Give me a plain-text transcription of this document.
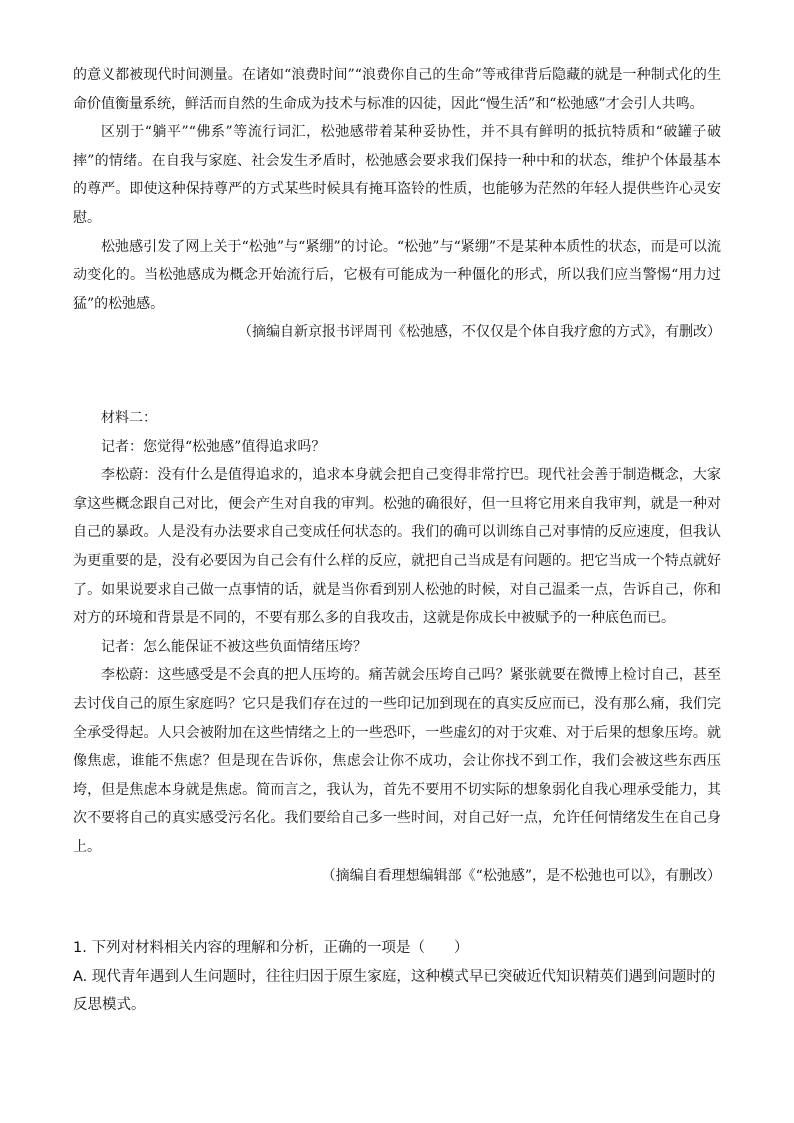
的意义都被现代时间测量。在诸如“浪费时间”“浪费你自己的生命”等戒律背后隐藏的就是一种制式化的生命价值衡量系统，鲜活而自然的生命成为技术与标准的囚徒，因此“慢生活”和“松弛感”才会引人共鸣。

区别于“躺平”“佛系”等流行词汇，松弛感带着某种妥协性，并不具有鲜明的抵抗特质和“破罐子破摔”的情绪。在自我与家庭、社会发生矛盾时，松弛感会要求我们保持一种中和的状态，维护个体最基本的尊严。即使这种保持尊严的方式某些时候具有掩耳盗铃的性质，也能够为茫然的年轻人提供些许心灵安慰。

松弛感引发了网上关于“松弛”与“紧绷”的讨论。“松弛”与“紧绷”不是某种本质性的状态，而是可以流动变化的。当松弛感成为概念开始流行后，它极有可能成为一种僵化的形式，所以我们应当警惕“用力过猛”的松弛感。

（摘编自新京报书评周刊《松弛感，不仅仅是个体自我疗愈的方式》，有删改）

材料二：

记者：您觉得“松弛感”值得追求吗？

李松蔚：没有什么是值得追求的，追求本身就会把自己变得非常拧巴。现代社会善于制造概念，大家拿这些概念跟自己对比，便会产生对自我的审判。松弛的确很好，但一旦将它用来自我审判，就是一种对自己的暴政。人是没有办法要求自己变成任何状态的。我们的确可以训练自己对事情的反应速度，但我认为更重要的是，没有必要因为自己会有什么样的反应，就把自己当成是有问题的。把它当成一个特点就好了。如果说要求自己做一点事情的话，就是当你看到别人松弛的时候，对自己温柔一点，告诉自己，你和对方的环境和背景是不同的，不要有那么多的自我攻击，这就是你成长中被赋予的一种底色而已。

记者：怎么能保证不被这些负面情绪压垮？

李松蔚：这些感受是不会真的把人压垮的。痛苦就会压垮自己吗？紧张就要在微博上检讨自己，甚至去讨伐自己的原生家庭吗？它只是我们存在过的一些印记加到现在的真实反应而已，没有那么痛，我们完全承受得起。人只会被附加在这些情绪之上的一些恐吓，一些虚幻的对于灾难、对于后果的想象压垮。就像焦虑，谁能不焦虑？但是现在告诉你，焦虑会让你不成功，会让你找不到工作，我们会被这些东西压垮，但是焦虑本身就是焦虑。简而言之，我认为，首先不要用不切实际的想象弱化自我心理承受能力，其次不要将自己的真实感受污名化。我们要给自己多一些时间，对自己好一点，允许任何情绪发生在自己身上。

（摘编自看理想编辑部《“松弛感”，是不松弛也可以》，有删改）

1. 下列对材料相关内容的理解和分析，正确的一项是（　　）

A. 现代青年遇到人生问题时，往往归因于原生家庭，这种模式早已突破近代知识精英们遇到问题时的反思模式。
